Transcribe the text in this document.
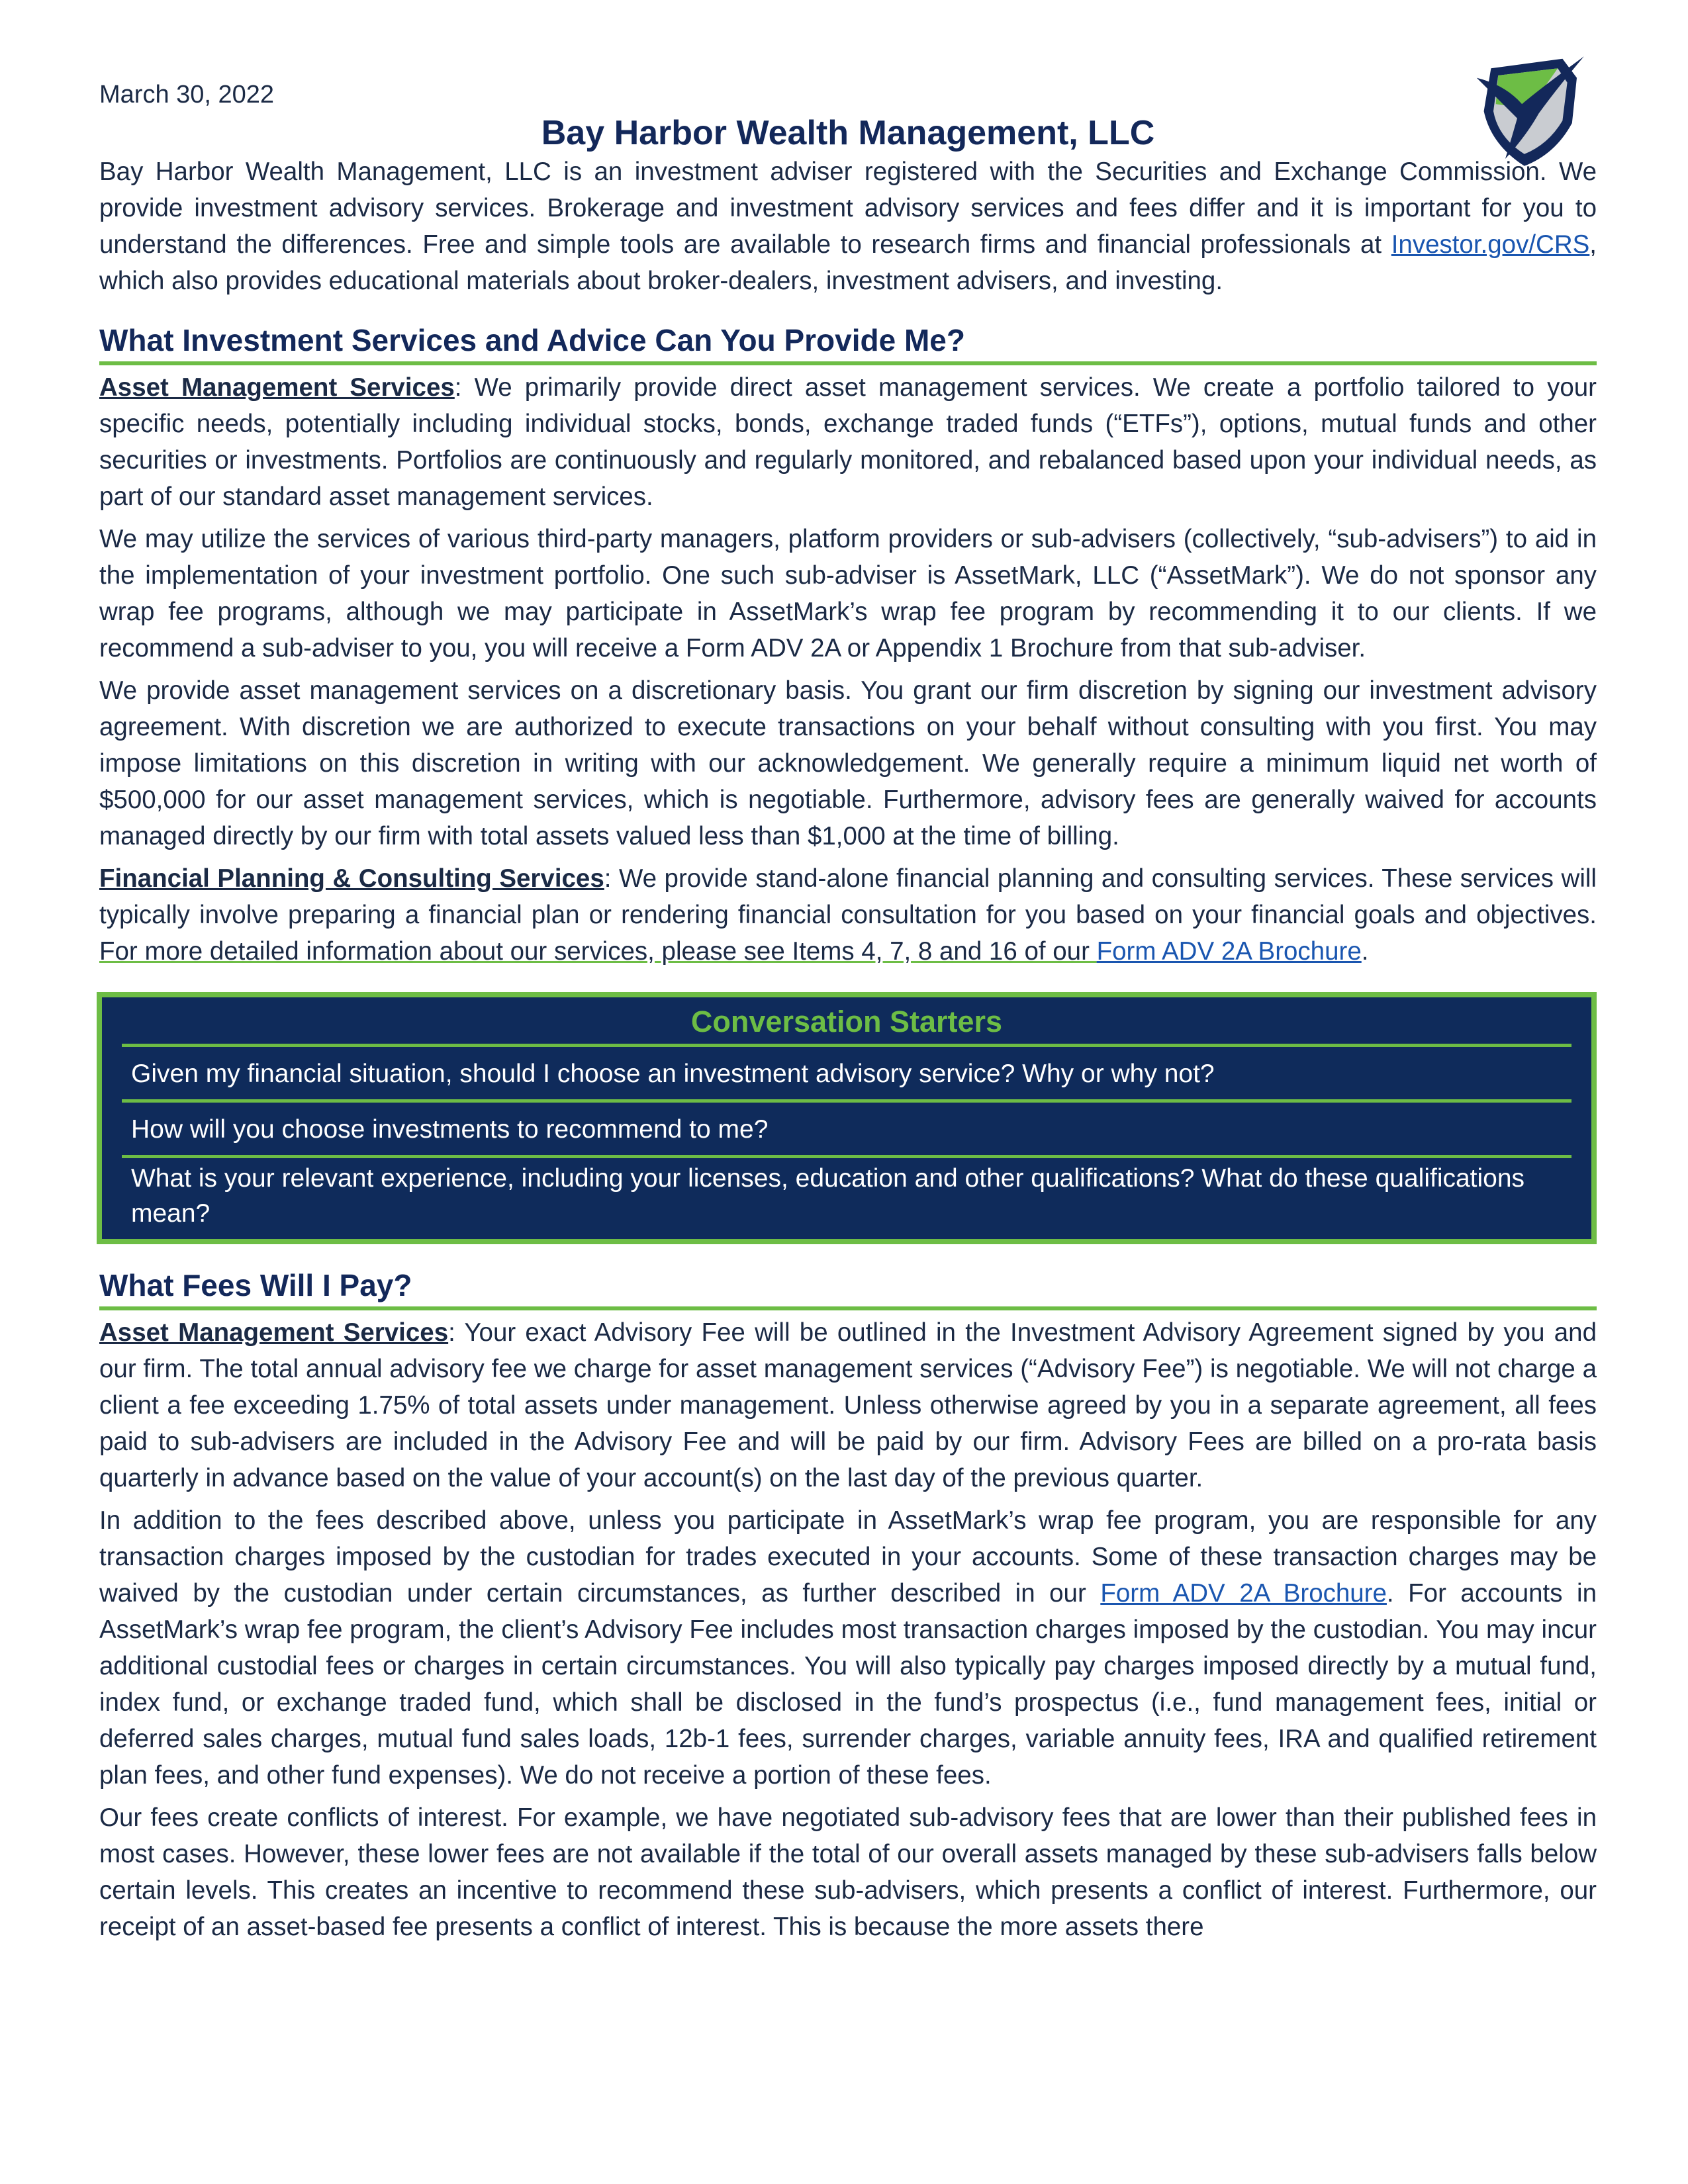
March 30, 2022
Bay Harbor Wealth Management, LLC

Bay Harbor Wealth Management, LLC is an investment adviser registered with the Securities and Exchange Commission. We provide investment advisory services. Brokerage and investment advisory services and fees differ and it is important for you to understand the differences. Free and simple tools are available to research firms and financial professionals at Investor.gov/CRS, which also provides educational materials about broker-dealers, investment advisers, and investing.

What Investment Services and Advice Can You Provide Me?

Asset Management Services: We primarily provide direct asset management services. We create a portfolio tailored to your specific needs, potentially including individual stocks, bonds, exchange traded funds (“ETFs”), options, mutual funds and other securities or investments. Portfolios are continuously and regularly monitored, and rebalanced based upon your individual needs, as part of our standard asset management services.

We may utilize the services of various third-party managers, platform providers or sub-advisers (collectively, “sub-advisers”) to aid in the implementation of your investment portfolio. One such sub-adviser is AssetMark, LLC (“AssetMark”). We do not sponsor any wrap fee programs, although we may participate in AssetMark’s wrap fee program by recommending it to our clients. If we recommend a sub-adviser to you, you will receive a Form ADV 2A or Appendix 1 Brochure from that sub-adviser.

We provide asset management services on a discretionary basis. You grant our firm discretion by signing our investment advisory agreement. With discretion we are authorized to execute transactions on your behalf without consulting with you first. You may impose limitations on this discretion in writing with our acknowledgement. We generally require a minimum liquid net worth of $500,000 for our asset management services, which is negotiable. Furthermore, advisory fees are generally waived for accounts managed directly by our firm with total assets valued less than $1,000 at the time of billing.

Financial Planning & Consulting Services: We provide stand-alone financial planning and consulting services. These services will typically involve preparing a financial plan or rendering financial consultation for you based on your financial goals and objectives. For more detailed information about our services, please see Items 4, 7, 8 and 16 of our Form ADV 2A Brochure.

Conversation Starters
Given my financial situation, should I choose an investment advisory service? Why or why not?
How will you choose investments to recommend to me?
What is your relevant experience, including your licenses, education and other qualifications? What do these qualifications mean?
What Fees Will I Pay?

Asset Management Services: Your exact Advisory Fee will be outlined in the Investment Advisory Agreement signed by you and our firm. The total annual advisory fee we charge for asset management services (“Advisory Fee”) is negotiable. We will not charge a client a fee exceeding 1.75% of total assets under management. Unless otherwise agreed by you in a separate agreement, all fees paid to sub-advisers are included in the Advisory Fee and will be paid by our firm. Advisory Fees are billed on a pro-rata basis quarterly in advance based on the value of your account(s) on the last day of the previous quarter.

In addition to the fees described above, unless you participate in AssetMark’s wrap fee program, you are responsible for any transaction charges imposed by the custodian for trades executed in your accounts. Some of these transaction charges may be waived by the custodian under certain circumstances, as further described in our Form ADV 2A Brochure. For accounts in AssetMark’s wrap fee program, the client’s Advisory Fee includes most transaction charges imposed by the custodian. You may incur additional custodial fees or charges in certain circumstances. You will also typically pay charges imposed directly by a mutual fund, index fund, or exchange traded fund, which shall be disclosed in the fund’s prospectus (i.e., fund management fees, initial or deferred sales charges, mutual fund sales loads, 12b-1 fees, surrender charges, variable annuity fees, IRA and qualified retirement plan fees, and other fund expenses). We do not receive a portion of these fees.

Our fees create conflicts of interest. For example, we have negotiated sub-advisory fees that are lower than their published fees in most cases. However, these lower fees are not available if the total of our overall assets managed by these sub-advisers falls below certain levels. This creates an incentive to recommend these sub-advisers, which presents a conflict of interest. Furthermore, our receipt of an asset-based fee presents a conflict of interest. This is because the more assets there
